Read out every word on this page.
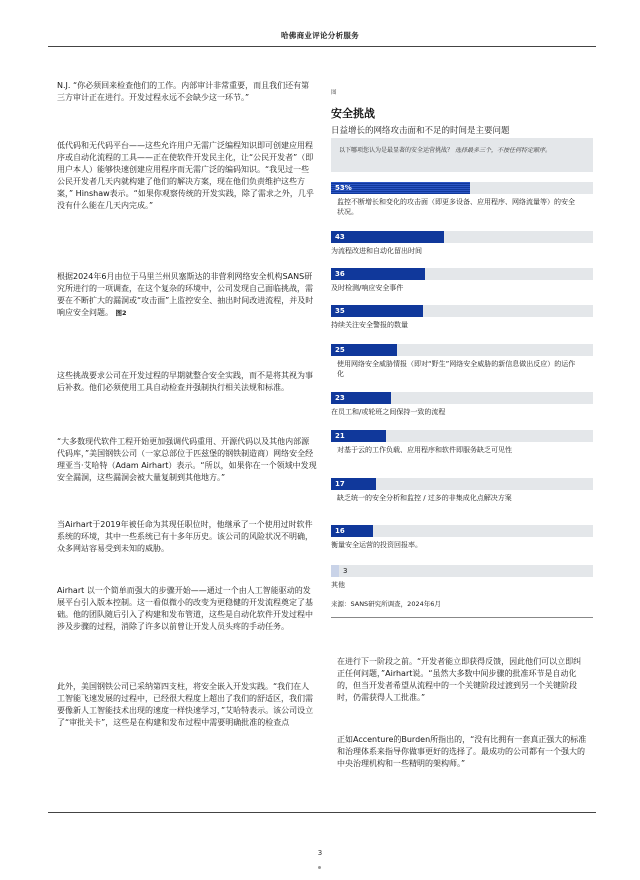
哈佛商业评论分析服务
N.J. “你必须回来检查他们的工作。内部审计非常重要，而且我们还有第三方审计正在进行。开发过程永远不会缺少这一环节。”
低代码和无代码平台——这些允许用户无需广泛编程知识即可创建应用程序或自动化流程的工具——正在使软件开发民主化，让“公民开发者”（即用户本人）能够快速创建应用程序而无需广泛的编码知识。“我见过一些公民开发者几天内就构建了他们的解决方案，现在他们负责维护这些方案，” Hinshaw表示。“如果你观察传统的开发实践，除了需求之外，几乎没有什么能在几天内完成。”
根据2024年6月由位于马里兰州贝塞斯达的非营利网络安全机构SANS研究所进行的一项调查，在这个复杂的环境中，公司发现自己面临挑战，需要在不断扩大的漏洞或“攻击面”上监控安全、抽出时间改进流程，并及时响应安全问题。 图2
这些挑战要求公司在开发过程的早期就整合安全实践，而不是将其视为事后补救。他们必须使用工具自动检查并强制执行相关法规和标准。
“大多数现代软件工程开始更加强调代码重用、开源代码以及其他内部源代码库，”美国钢铁公司（一家总部位于匹兹堡的钢铁制造商）网络安全经理亚当·艾哈特（Adam Airhart）表示。“所以，如果你在一个领域中发现安全漏洞，这些漏洞会被大量复制到其他地方。”
当Airhart于2019年被任命为其现任职位时，他继承了一个使用过时软件系统的环境，其中一些系统已有十多年历史。该公司的风险状况不明确，众多网站容易受到未知的威胁。
Airhart 以一个简单而强大的步骤开始——通过一个由人工智能驱动的发展平台引入版本控制。这一看似微小的改变为更稳健的开发流程奠定了基础。他的团队随后引入了构建和发布管道，这些是自动化软件开发过程中涉及步骤的过程，消除了许多以前曾让开发人员头疼的手动任务。
此外，美国钢铁公司已采纳第四支柱，将安全嵌入开发实践。“我们在人工智能飞速发展的过程中，已经很大程度上超出了我们的舒适区，我们需要像新人工智能技术出现的速度一样快速学习，”艾哈特表示。该公司设立了“审批关卡”，这些是在构建和发布过程中需要明确批准的检查点
图
安全挑战
日益增长的网络攻击面和不足的时间是主要问题
以下哪项您认为是最显著的安全运营挑战？ 选择最多三个，不按任何特定顺序。
53%
监控不断增长和变化的攻击面（即更多设备、应用程序、网络流量等）的安全状况。
43
为流程改进和自动化留出时间
36
及时检测/响应安全事件
35
持续关注安全警报的数量
25
使用网络安全威胁情报（即对“野生”网络安全威胁的新信息做出反应）的运作化
23
在员工和/或轮班之间保持一致的流程
21
对基于云的工作负载、应用程序和软件即服务缺乏可见性
17
缺乏统一的安全分析和监控 / 过多的非集成化点解决方案
16
衡量安全运营的投资回报率。
3
其他
来源：SANS研究所调查，2024年6月
在进行下一阶段之前。“开发者能立即获得反馈，因此他们可以立即纠正任何问题，”Airhart说。“虽然大多数中间步骤的批准环节是自动化的，但当开发者希望从流程中的一个关键阶段过渡到另一个关键阶段时，仍需获得人工批准。”
正如Accenture的Burden所指出的，“没有比拥有一套真正强大的标准和治理体系来指导你做事更好的选择了。最成功的公司都有一个强大的中央治理机构和一些精明的架构师。”
3
